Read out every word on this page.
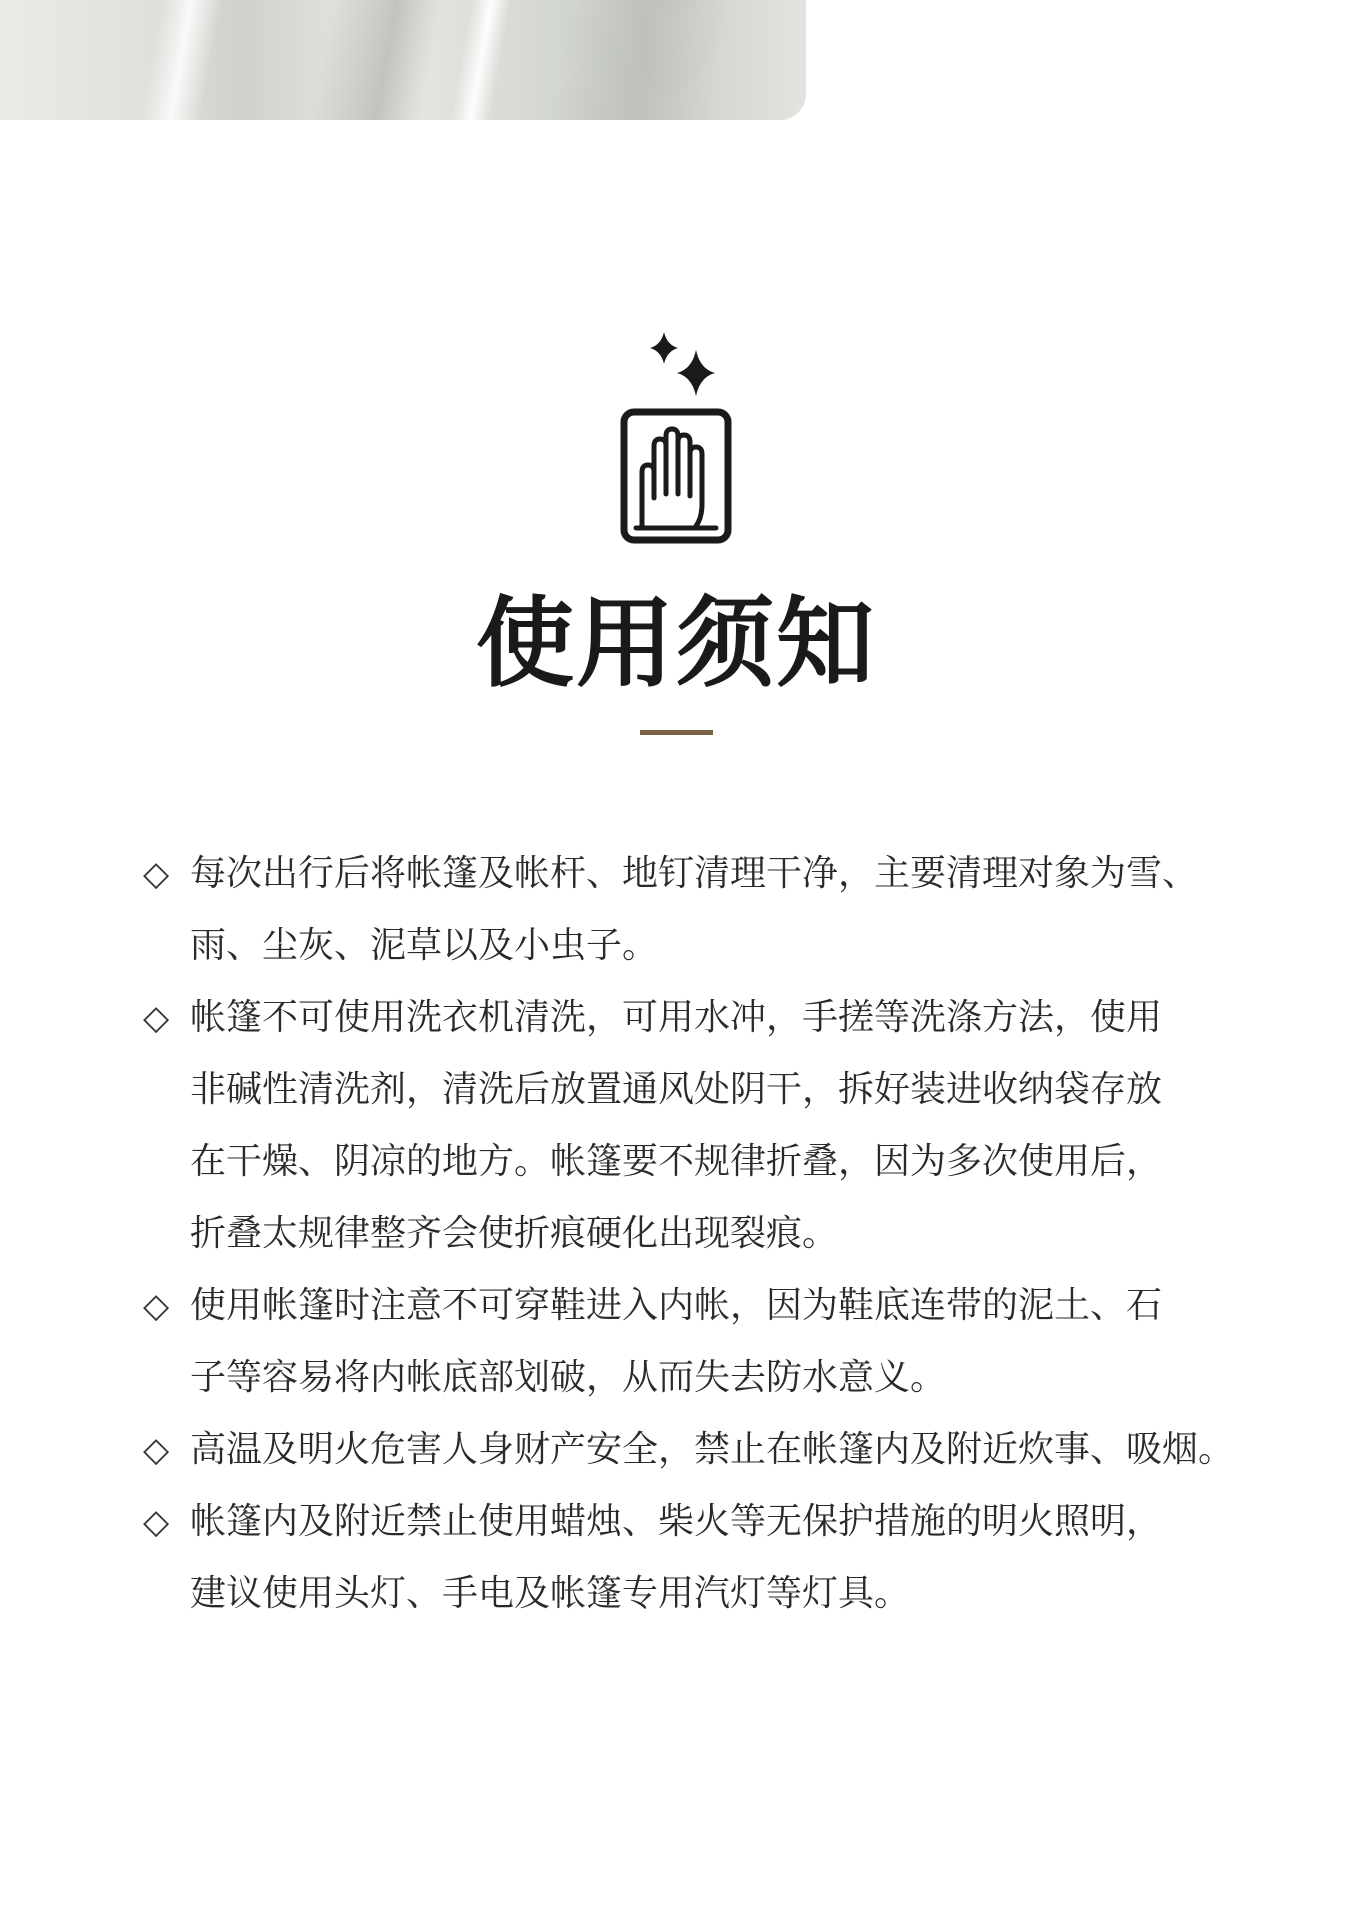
使用须知
◇ 每次出行后将帐篷及帐杆、地钉清理干净，主要清理对象为雪、
雨、尘灰、泥草以及小虫子。
◇ 帐篷不可使用洗衣机清洗，可用水冲，手搓等洗涤方法，使用
非碱性清洗剂，清洗后放置通风处阴干，拆好装进收纳袋存放
在干燥、阴凉的地方。帐篷要不规律折叠，因为多次使用后，
折叠太规律整齐会使折痕硬化出现裂痕。
◇ 使用帐篷时注意不可穿鞋进入内帐，因为鞋底连带的泥土、石
子等容易将内帐底部划破，从而失去防水意义。
◇ 高温及明火危害人身财产安全，禁止在帐篷内及附近炊事、吸烟。
◇ 帐篷内及附近禁止使用蜡烛、柴火等无保护措施的明火照明，
建议使用头灯、手电及帐篷专用汽灯等灯具。
